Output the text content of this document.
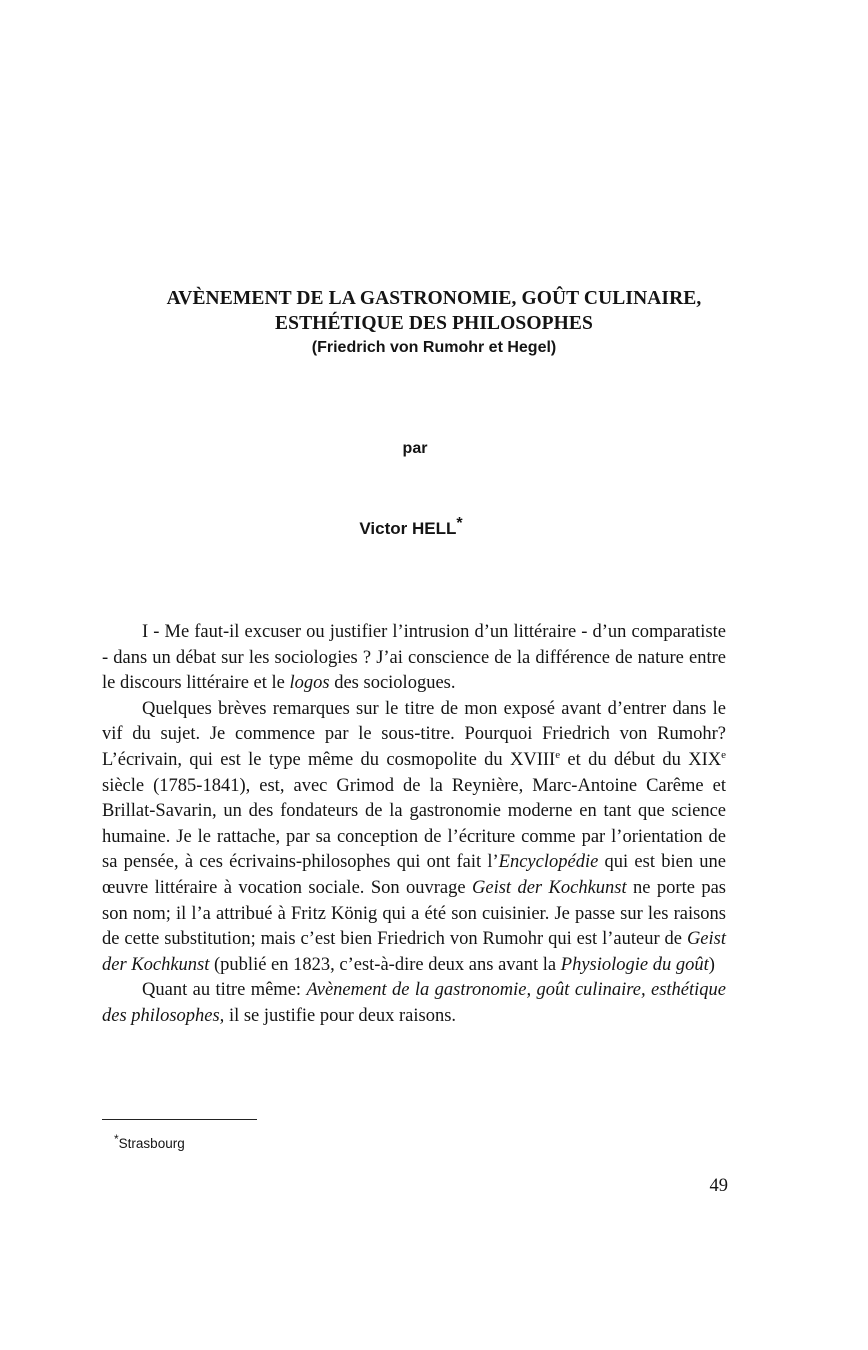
AVÈNEMENT DE LA GASTRONOMIE, GOÛT CULINAIRE,
ESTHÉTIQUE DES PHILOSOPHES
(Friedrich von Rumohr et Hegel)
par
Victor HELL*

I - Me faut-il excuser ou justifier l’intrusion d’un littéraire - d’un comparatiste - dans un débat sur les sociologies ? J’ai conscience de la différence de nature entre le discours littéraire et le logos des sociologues.

Quelques brèves remarques sur le titre de mon exposé avant d’entrer dans le vif du sujet. Je commence par le sous-titre. Pourquoi Friedrich von Rumohr? L’écrivain, qui est le type même du cosmopolite du XVIIIe et du début du XIXe siècle (1785-1841), est, avec Grimod de la Reynière, Marc-Antoine Carême et Brillat-Savarin, un des fondateurs de la gastronomie moderne en tant que science humaine. Je le rattache, par sa conception de l’écriture comme par l’orientation de sa pensée, à ces écrivains-philosophes qui ont fait l’Encyclopédie qui est bien une œuvre littéraire à vocation sociale. Son ouvrage Geist der Kochkunst ne porte pas son nom; il l’a attribué à Fritz König qui a été son cuisinier. Je passe sur les raisons de cette substitution; mais c’est bien Friedrich von Rumohr qui est l’auteur de Geist der Kochkunst (publié en 1823, c’est-à-dire deux ans avant la Physiologie du goût)

Quant au titre même: Avènement de la gastronomie, goût culinaire, esthétique des philosophes, il se justifie pour deux raisons.

*Strasbourg
49
